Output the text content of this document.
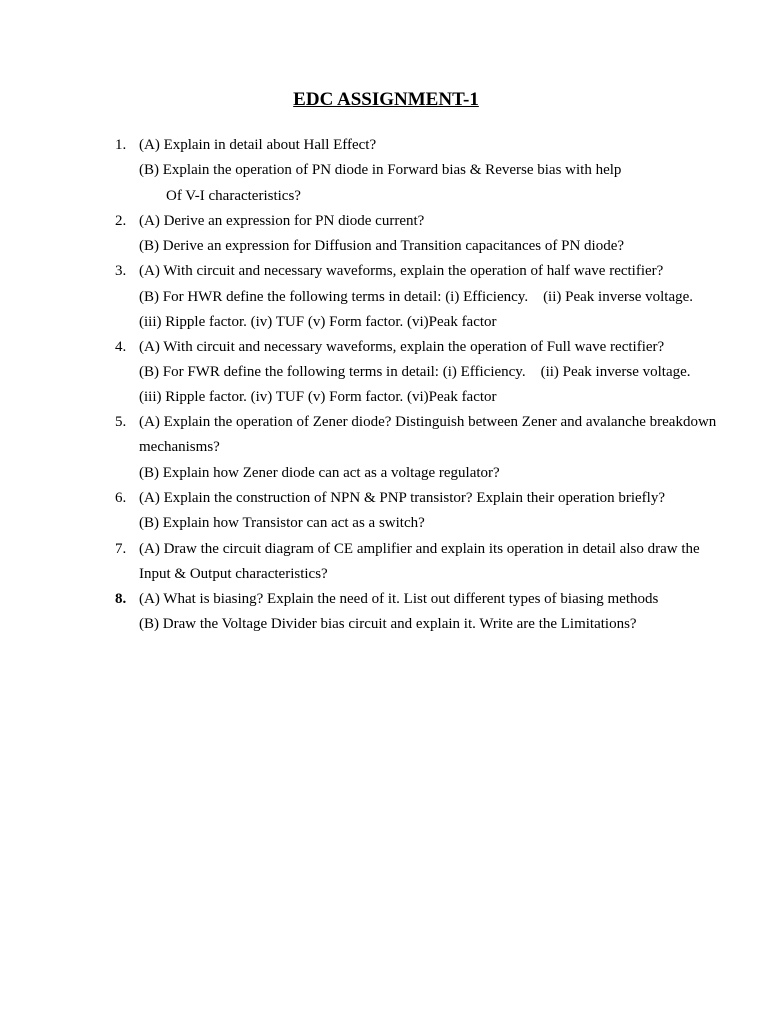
EDC ASSIGNMENT-1
1. (A) Explain in detail about Hall Effect?
(B) Explain the operation of PN diode in Forward bias & Reverse bias with help
Of V-I characteristics?
2. (A) Derive an expression for PN diode current?
(B) Derive an expression for Diffusion and Transition capacitances of PN diode?
3. (A) With circuit and necessary waveforms, explain the operation of half wave rectifier?
(B) For HWR define the following terms in detail: (i) Efficiency.    (ii) Peak inverse voltage.
(iii) Ripple factor. (iv) TUF (v) Form factor. (vi)Peak factor
4. (A) With circuit and necessary waveforms, explain the operation of Full wave rectifier?
(B) For FWR define the following terms in detail: (i) Efficiency.    (ii) Peak inverse voltage.
(iii) Ripple factor. (iv) TUF (v) Form factor. (vi)Peak factor
5. (A) Explain the operation of Zener diode? Distinguish between Zener and avalanche breakdown
mechanisms?
(B) Explain how Zener diode can act as a voltage regulator?
6. (A) Explain the construction of NPN & PNP transistor? Explain their operation briefly?
(B) Explain how Transistor can act as a switch?
7. (A) Draw the circuit diagram of CE amplifier and explain its operation in detail also draw the
Input & Output characteristics?
8. (A) What is biasing? Explain the need of it. List out different types of biasing methods
(B) Draw the Voltage Divider bias circuit and explain it. Write are the Limitations?
